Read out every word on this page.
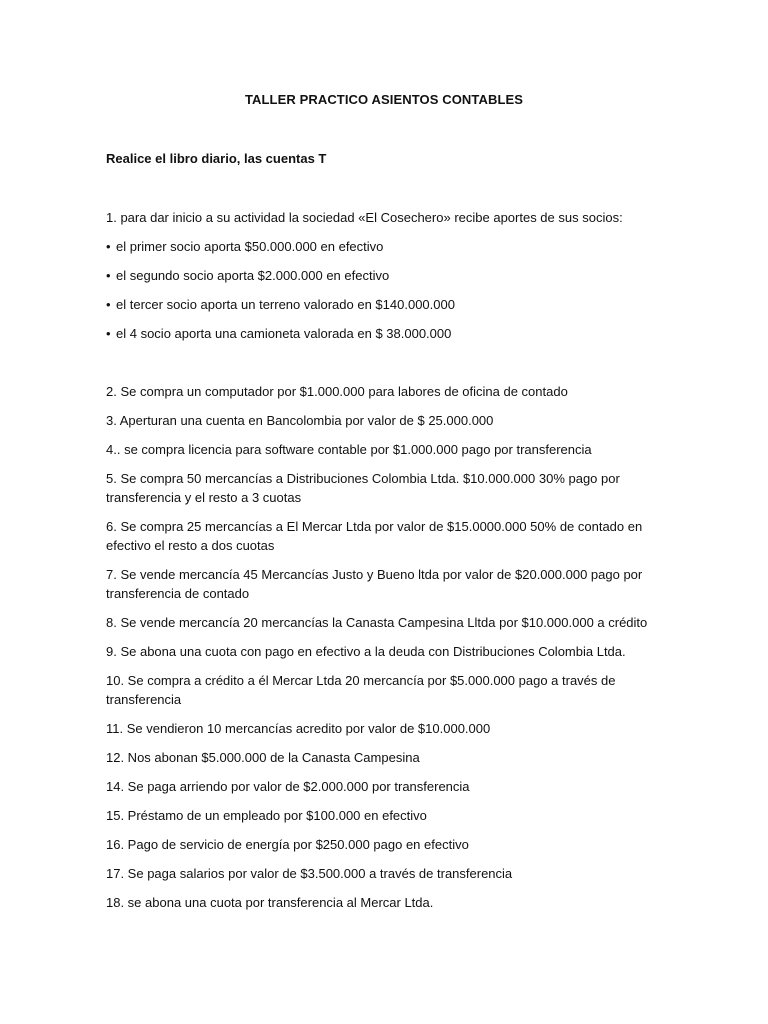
TALLER PRACTICO ASIENTOS CONTABLES
Realice el libro diario, las cuentas T
1. para dar inicio a su actividad la sociedad «El Cosechero» recibe aportes de sus socios:
• el primer socio aporta $50.000.000 en efectivo
• el segundo socio aporta $2.000.000 en efectivo
• el tercer socio aporta un terreno valorado en $140.000.000
• el 4 socio aporta una camioneta valorada en $ 38.000.000
2. Se compra un computador por $1.000.000 para labores de oficina de contado
3. Aperturan una cuenta en Bancolombia por valor de $ 25.000.000
4.. se compra licencia para software contable por $1.000.000 pago por transferencia
5. Se compra 50 mercancías a Distribuciones Colombia Ltda. $10.000.000 30% pago por transferencia y el resto a 3 cuotas
6. Se compra 25 mercancías a El Mercar Ltda por valor de $15.0000.000 50% de contado en efectivo el resto a dos cuotas
7. Se vende mercancía 45 Mercancías Justo y Bueno ltda por valor de $20.000.000 pago por transferencia de contado
8. Se vende mercancía 20 mercancías la Canasta Campesina Lltda por $10.000.000 a crédito
9. Se abona una cuota con pago en efectivo a la deuda con Distribuciones Colombia Ltda.
10. Se compra a crédito a él Mercar Ltda 20 mercancía por $5.000.000 pago a través de transferencia
11. Se vendieron 10 mercancías acredito por valor de $10.000.000
12. Nos abonan $5.000.000 de la Canasta Campesina
14. Se paga arriendo por valor de $2.000.000 por transferencia
15. Préstamo de un empleado por $100.000 en efectivo
16. Pago de servicio de energía por $250.000 pago en efectivo
17. Se paga salarios por valor de $3.500.000 a través de transferencia
18. se abona una cuota por transferencia al Mercar Ltda.
